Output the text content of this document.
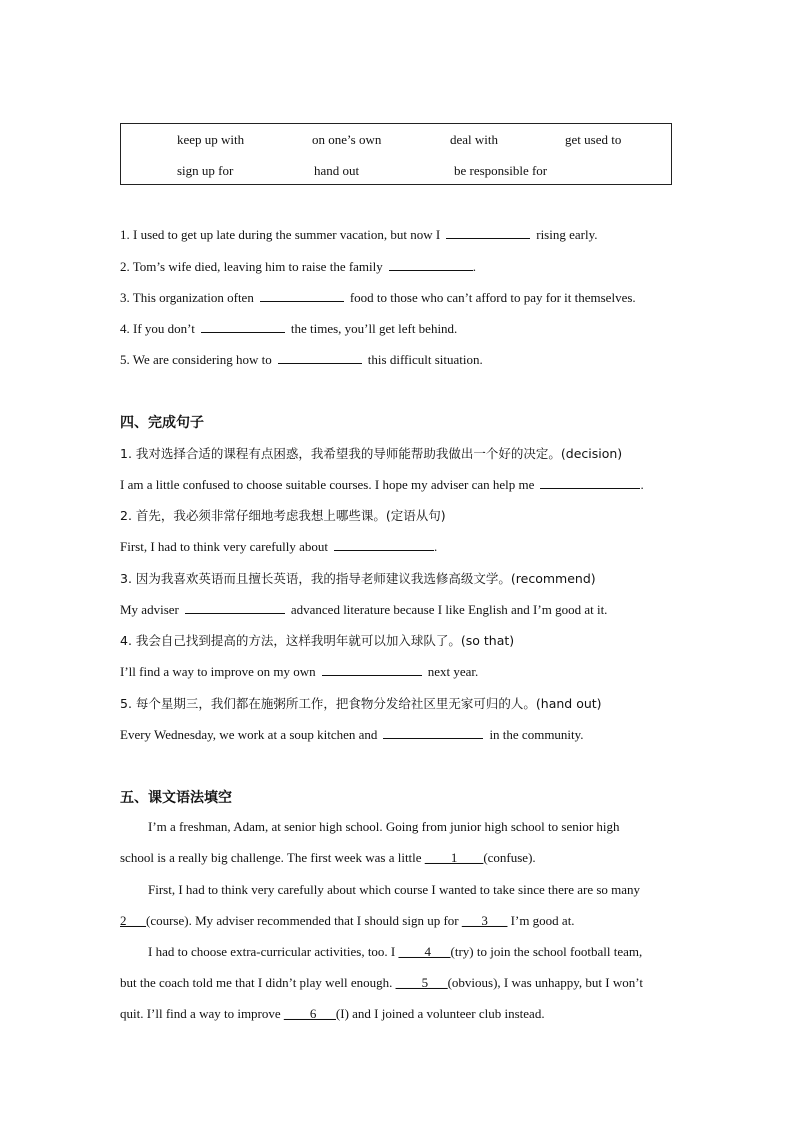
keep up with	on one’s own	deal with	get used to
sign up for	hand out	be responsible for
1. I used to get up late during the summer vacation, but now I	rising early.
2. Tom’s wife died, leaving him to raise the family	.
3. This organization often	food to those who can’t afford to pay for it themselves.
4. If you don’t	the times, you’ll get left behind.
5. We are considering how to	this difficult situation.
四、完成句子
1. 我对选择合适的课程有点困惑，我希望我的导师能帮助我做出一个好的决定。(decision)
I am a little confused to choose suitable courses. I hope my adviser can help me	.
2. 首先，我必须非常仔细地考虑我想上哪些课。(定语从句)
First, I had to think very carefully about	.
3. 因为我喜欢英语而且擅长英语，我的指导老师建议我选修高级文学。(recommend)
My adviser	advanced literature because I like English and I’m good at it.
4. 我会自己找到提高的方法，这样我明年就可以加入球队了。(so that)
I’ll find a way to improve on my own	next year.
5. 每个星期三，我们都在施粥所工作，把食物分发给社区里无家可归的人。(hand out)
Every Wednesday, we work at a soup kitchen and	in the community.
五、课文语法填空
I’m a freshman, Adam, at senior high school. Going from junior high school to senior high
school is a really big challenge. The first week was a little ____1____(confuse).
First, I had to think very carefully about which course I wanted to take since there are so many
2___(course). My adviser recommended that I should sign up for ___3___ I’m good at.
I had to choose extra-curricular activities, too. I ____4___(try) to join the school football team,
but the coach told me that I didn’t play well enough. ____5___(obvious), I was unhappy, but I won’t
quit. I’ll find a way to improve ____6___(I) and I joined a volunteer club instead.
